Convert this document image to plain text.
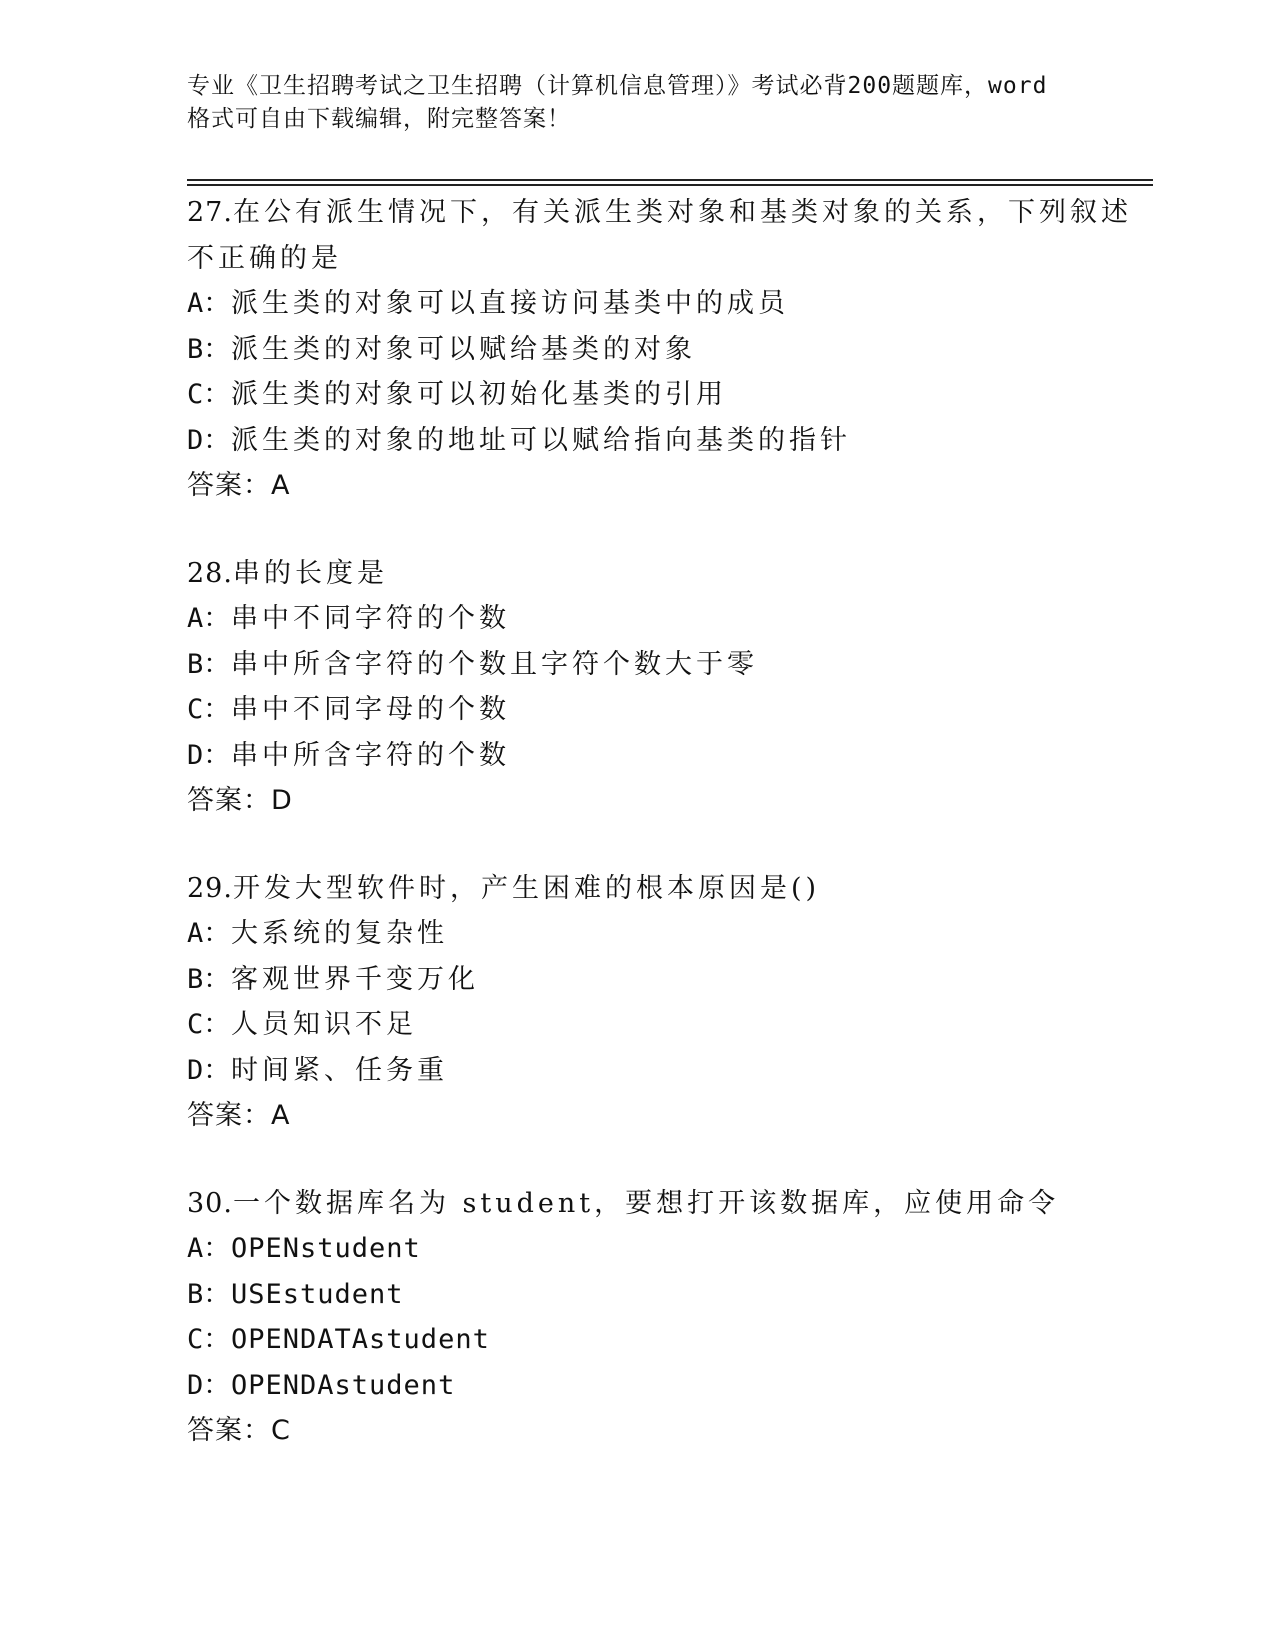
专业《卫生招聘考试之卫生招聘（计算机信息管理）》考试必背200题题库，word
格式可自由下载编辑，附完整答案！
27.在公有派生情况下，有关派生类对象和基类对象的关系，下列叙述
不正确的是
A：派生类的对象可以直接访问基类中的成员
B：派生类的对象可以赋给基类的对象
C：派生类的对象可以初始化基类的引用
D：派生类的对象的地址可以赋给指向基类的指针
答案：A
28.串的长度是
A：串中不同字符的个数
B：串中所含字符的个数且字符个数大于零
C：串中不同字母的个数
D：串中所含字符的个数
答案：D
29.开发大型软件时，产生困难的根本原因是()
A：大系统的复杂性
B：客观世界千变万化
C：人员知识不足
D：时间紧、任务重
答案：A
30.一个数据库名为 student，要想打开该数据库，应使用命令
A：OPENstudent
B：USEstudent
C：OPENDATAstudent
D：OPENDAstudent
答案：C
